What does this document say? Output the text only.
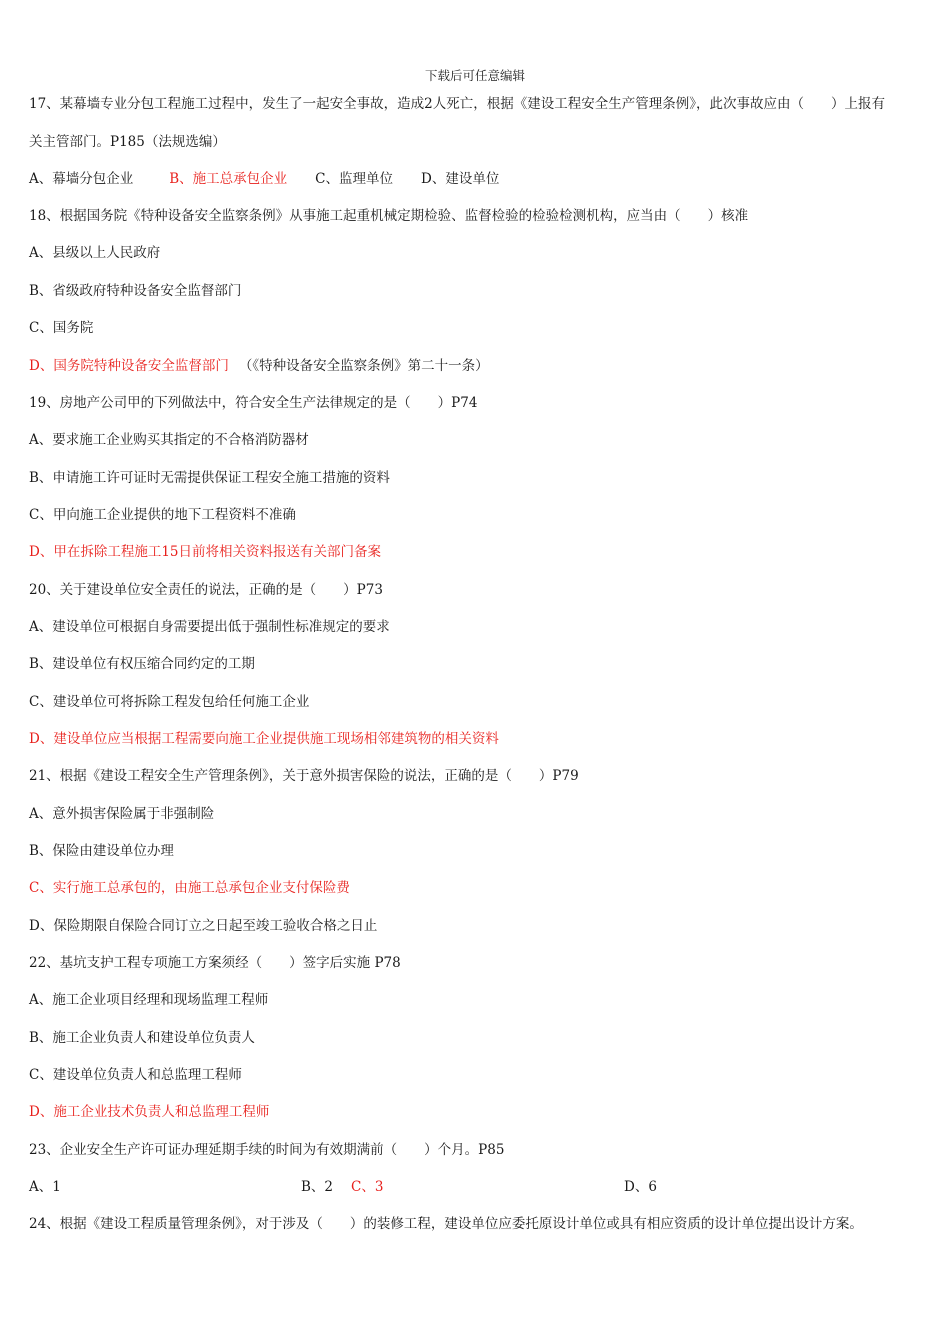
下载后可任意编辑
17、某幕墙专业分包工程施工过程中，发生了一起安全事故，造成2人死亡，根据《建设工程安全生产管理条例》，此次事故应由（　　）上报有
关主管部门。P185（法规选编）
A、幕墙分包企业	B、施工总承包企业 C、监理单位 D、建设单位
18、根据国务院《特种设备安全监察条例》从事施工起重机械定期检验、监督检验的检验检测机构，应当由（　　）核准
A、县级以上人民政府
B、省级政府特种设备安全监督部门
C、国务院
D、国务院特种设备安全监督部门 （《特种设备安全监察条例》第二十一条）
19、房地产公司甲的下列做法中，符合安全生产法律规定的是（　　）P74
A、要求施工企业购买其指定的不合格消防器材
B、申请施工许可证时无需提供保证工程安全施工措施的资料
C、甲向施工企业提供的地下工程资料不准确
D、甲在拆除工程施工15日前将相关资料报送有关部门备案
20、关于建设单位安全责任的说法，正确的是（　　）P73
A、建设单位可根据自身需要提出低于强制性标准规定的要求
B、建设单位有权压缩合同约定的工期
C、建设单位可将拆除工程发包给任何施工企业
D、建设单位应当根据工程需要向施工企业提供施工现场相邻建筑物的相关资料
21、根据《建设工程安全生产管理条例》，关于意外损害保险的说法，正确的是（　　）P79
A、意外损害保险属于非强制险
B、保险由建设单位办理
C、实行施工总承包的，由施工总承包企业支付保险费
D、保险期限自保险合同订立之日起至竣工验收合格之日止
22、基坑支护工程专项施工方案须经（　　）签字后实施 P78
A、施工企业项目经理和现场监理工程师
B、施工企业负责人和建设单位负责人
C、建设单位负责人和总监理工程师
D、施工企业技术负责人和总监理工程师
23、企业安全生产许可证办理延期手续的时间为有效期满前（　　）个月。P85
A、1	B、2 C、3	D、6
24、根据《建设工程质量管理条例》，对于涉及（　　）的装修工程，建设单位应委托原设计单位或具有相应资质的设计单位提出设计方案。
